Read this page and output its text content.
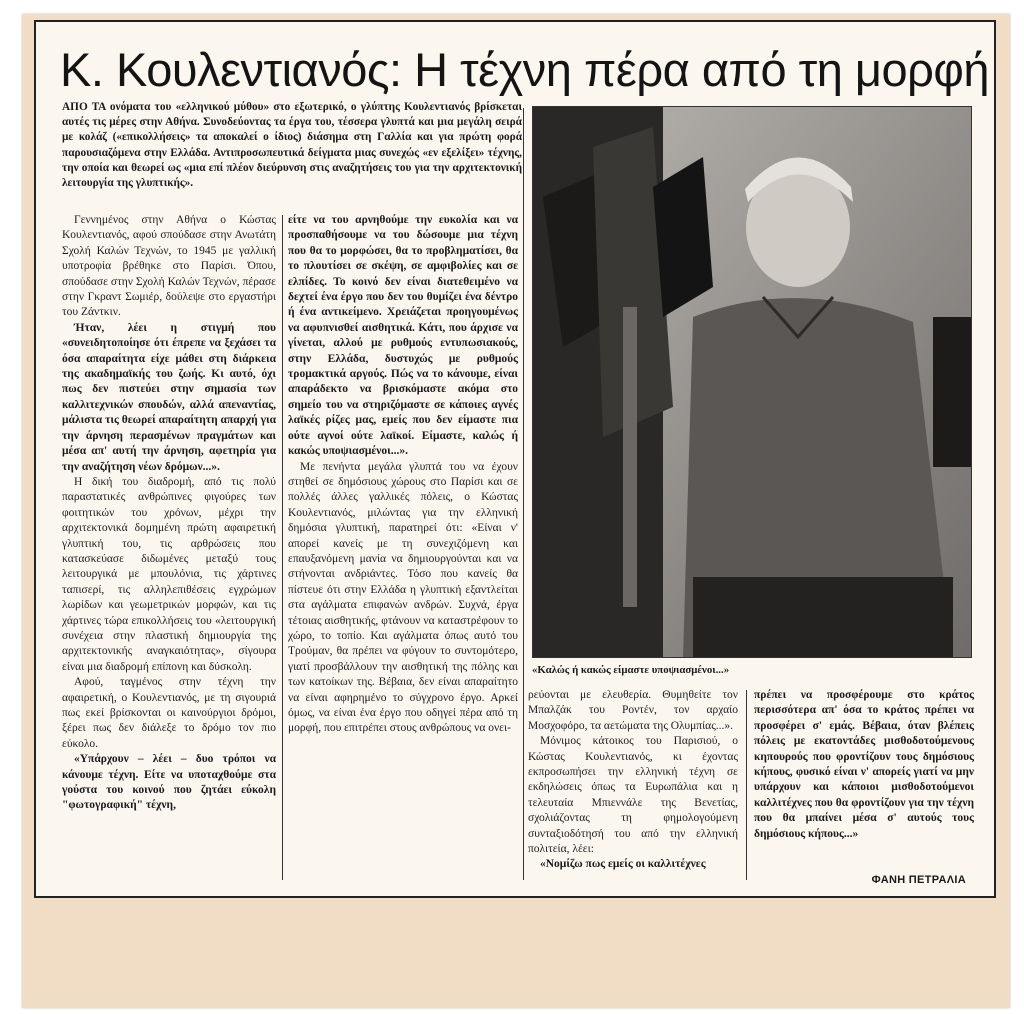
Κ. Κουλεντιανός: Η τέχνη πέρα από τη μορφή
ΑΠΟ ΤΑ ονόματα του «ελληνικού μύθου» στο εξωτερικό, ο γλύπτης Κουλεντιανός βρίσκεται αυτές τις μέρες στην Αθήνα. Συνοδεύοντας τα έργα του, τέσσερα γλυπτά και μια μεγάλη σειρά με κολάζ («επικολλήσεις» τα αποκαλεί ο ίδιος) διάσημα στη Γαλλία και για πρώτη φορά παρουσιαζόμενα στην Ελλάδα. Αντιπροσωπευτικά δείγματα μιας συνεχώς «εν εξελίξει» τέχνης, την οποία και θεωρεί ως «μια επί πλέον διεύρυνση στις αναζητήσεις του για την αρχιτεκτονική λειτουργία της γλυπτικής».

Γεννημένος στην Αθήνα ο Κώστας Κουλεντιανός, αφού σπούδασε στην Ανωτάτη Σχολή Καλών Τεχνών, το 1945 με γαλλική υποτροφία βρέθηκε στο Παρίσι. Όπου, σπούδασε στην Σχολή Καλών Τεχνών, πέρασε στην Γκραντ Σωμιέρ, δούλεψε στο εργαστήρι του Ζάντκιν.

Ήταν, λέει η στιγμή που «συνειδητοποίησε ότι έπρεπε να ξεχάσει τα όσα απαραίτητα είχε μάθει στη διάρκεια της ακαδημαϊκής του ζωής. Κι αυτό, όχι πως δεν πιστεύει στην σημασία των καλλιτεχνικών σπουδών, αλλά απεναντίας, μάλιστα τις θεωρεί απαραίτητη απαρχή για την άρνηση περασμένων πραγμάτων και μέσα απ' αυτή την άρνηση, αφετηρία για την αναζήτηση νέων δρόμων...».

Η δική του διαδρομή, από τις πολύ παραστατικές ανθρώπινες φιγούρες των φοιτητικών του χρόνων, μέχρι την αρχιτεκτονικά δομημένη πρώτη αφαιρετική γλυπτική του, τις αρθρώσεις που κατασκεύασε διδωμένες μεταξύ τους λειτουργικά με μπουλόνια, τις χάρτινες ταπισερί, τις αλληλεπιθέσεις εγχρώμων λωρίδων και γεωμετρικών μορφών, και τις χάρτινες τώρα επικολλήσεις του «λειτουργική συνέχεια στην πλαστική δημιουργία της αρχιτεκτονικής αναγκαιότητας», σίγουρα είναι μια διαδρομή επίπονη και δύσκολη.

Αφού, ταγμένος στην τέχνη την αφαιρετική, ο Κουλεντιανός, με τη σιγουριά πως εκεί βρίσκονται οι καινούργιοι δρόμοι, ξέρει πως δεν διάλεξε το δρόμο τον πιο εύκολο.

«Υπάρχουν – λέει – δυο τρόποι να κάνουμε τέχνη. Είτε να υποταχθούμε στα γούστα του κοινού που ζητάει εύκολη "φωτογραφική" τέχνη,

είτε να του αρνηθούμε την ευκολία και να προσπαθήσουμε να του δώσουμε μια τέχνη που θα το μορφώσει, θα το προβληματίσει, θα το πλουτίσει σε σκέψη, σε αμφιβολίες και σε ελπίδες. Το κοινό δεν είναι διατεθειμένο να δεχτεί ένα έργο που δεν του θυμίζει ένα δέντρο ή ένα αντικείμενο. Χρειάζεται προηγουμένως να αφυπνισθεί αισθητικά. Κάτι, που άρχισε να γίνεται, αλλού με ρυθμούς εντυπωσιακούς, στην Ελλάδα, δυστυχώς με ρυθμούς τρομακτικά αργούς. Πώς να το κάνουμε, είναι απαράδεκτο να βρισκόμαστε ακόμα στο σημείο του να στηριζόμαστε σε κάποιες αγνές λαϊκές ρίζες μας, εμείς που δεν είμαστε πια ούτε αγνοί ούτε λαϊκοί. Είμαστε, καλώς ή κακώς υποψιασμένοι...».

Με πενήντα μεγάλα γλυπτά του να έχουν στηθεί σε δημόσιους χώρους στο Παρίσι και σε πολλές άλλες γαλλικές πόλεις, ο Κώστας Κουλεντιανός, μιλώντας για την ελληνική δημόσια γλυπτική, παρατηρεί ότι: «Είναι ν' απορεί κανείς με τη συνεχιζόμενη και επαυξανόμενη μανία να δημιουργούνται και να στήνονται ανδριάντες. Τόσο που κανείς θα πίστευε ότι στην Ελλάδα η γλυπτική εξαντλείται στα αγάλματα επιφανών ανδρών. Συχνά, έργα τέτοιας αισθητικής, φτάνουν να καταστρέφουν το χώρο, το τοπίο. Και αγάλματα όπως αυτό του Τρούμαν, θα πρέπει να φύγουν το συντομότερο, γιατί προσβάλλουν την αισθητική της πόλης και των κατοίκων της. Βέβαια, δεν είναι απαραίτητο να είναι αφηρημένο το σύγχρονο έργο. Αρκεί όμως, να είναι ένα έργο που οδηγεί πέρα από τη μορφή, που επιτρέπει στους ανθρώπους να ονει-

«Καλώς ή κακώς είμαστε υποψιασμένοι...»

ρεύονται με ελευθερία. Θυμηθείτε τον Μπαλζάκ του Ροντέν, τον αρχαίο Μοσχοφόρο, τα αετώματα της Ολυμπίας...».

Μόνιμος κάτοικος του Παρισιού, ο Κώστας Κουλεντιανός, κι έχοντας εκπροσωπήσει την ελληνική τέχνη σε εκδηλώσεις όπως τα Ευρωπάλια και η τελευταία Μπιεννάλε της Βενετίας, σχολιάζοντας τη φημολογούμενη συνταξιοδότησή του από την ελληνική πολιτεία, λέει:

«Νομίζω πως εμείς οι καλλιτέχνες

πρέπει να προσφέρουμε στο κράτος περισσότερα απ' όσα το κράτος πρέπει να προσφέρει σ' εμάς. Βέβαια, όταν βλέπεις πόλεις με εκατοντάδες μισθοδοτούμενους κηπουρούς που φροντίζουν τους δημόσιους κήπους, φυσικό είναι ν' απορείς γιατί να μην υπάρχουν και κάποιοι μισθοδοτούμενοι καλλιτέχνες που θα φροντίζουν για την τέχνη που θα μπαίνει μέσα σ' αυτούς τους δημόσιους κήπους...»

ΦΑΝΗ ΠΕΤΡΑΛΙΑ
